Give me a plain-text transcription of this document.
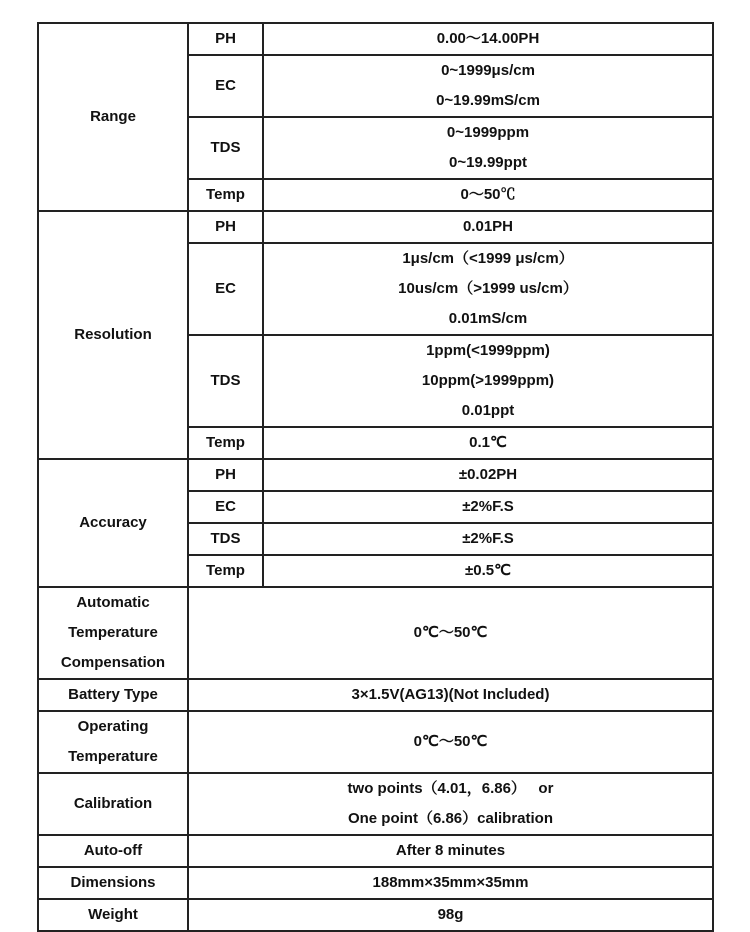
Range	PH	0.00～14.00PH
	EC	0~1999μs/cm
0~19.99mS/cm

	TDS	0~1999ppm
0~19.99ppt

	Temp	0～50℃
Resolution	PH	0.01PH
	EC	1μs/cm（<1999 μs/cm）
10us/cm（>1999 us/cm）
0.01mS/cm

	TDS	1ppm(<1999ppm)
10ppm(>1999ppm)
0.01ppt

	Temp	0.1℃
Accuracy	PH	±0.02PH
	EC	±2%F.S
	TDS	±2%F.S
	Temp	±0.5℃

Automatic
Temperature
Compensation	0℃～50℃	
Battery Type	3×1.5V(AG13)(Not Included)	

Operating
Temperature	0℃～50℃	
Calibration	two points（4.01，6.86）   or
One point（6.86）calibration	

Auto-off	After 8 minutes	
Dimensions	188mm×35mm×35mm	
Weight	98g	
